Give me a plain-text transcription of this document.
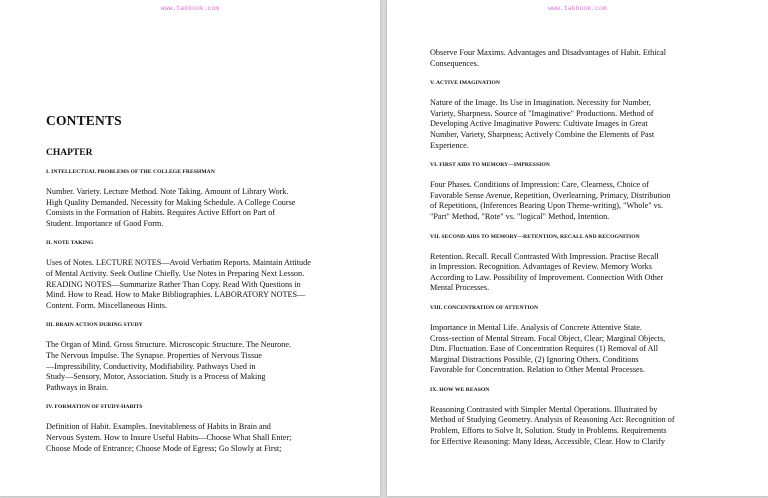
www.takbook.com
CONTENTS
CHAPTER
I. INTELLECTUAL PROBLEMS OF THE COLLEGE FRESHMAN
Number. Variety. Lecture Method. Note Taking. Amount of Library Work.
High Quality Demanded. Necessity for Making Schedule. A College Course
Consists in the Formation of Habits. Requires Active Effort on Part of
Student. Importance of Good Form.
II. NOTE TAKING
Uses of Notes. LECTURE NOTES—Avoid Verbatim Reports. Maintain Attitude
of Mental Activity. Seek Outline Chiefly. Use Notes in Preparing Next Lesson.
READING NOTES—Summarize Rather Than Copy. Read With Questions in
Mind. How to Read. How to Make Bibliographies. LABORATORY NOTES—
Content. Form. Miscellaneous Hints.
III. BRAIN ACTION DURING STUDY
The Organ of Mind. Gross Structure. Microscopic Structure. The Neurone.
The Nervous Impulse. The Synapse. Properties of Nervous Tissue
—Impressibility, Conductivity, Modifiability. Pathways Used in
Study—Sensory, Motor, Association. Study is a Process of Making
Pathways in Brain.
IV. FORMATION OF STUDY-HABITS
Definition of Habit. Examples. Inevitableness of Habits in Brain and
Nervous System. How to Insure Useful Habits—Choose What Shall Enter;
Choose Mode of Entrance; Choose Mode of Egress; Go Slowly at First;
www.takbook.com
Observe Four Maxims. Advantages and Disadvantages of Habit. Ethical
Consequences.
V. ACTIVE IMAGINATION
Nature of the Image. Its Use in Imagination. Necessity for Number,
Variety, Sharpness. Source of "Imaginative" Productions. Method of
Developing Active Imaginative Powers: Cultivate Images in Great
Number, Variety, Sharpness; Actively Combine the Elements of Past
Experience.
VI. FIRST AIDS TO MEMORY—IMPRESSION
Four Phases. Conditions of Impression: Care, Clearness, Choice of
Favorable Sense Avenue, Repetition, Overlearning, Primacy, Distribution
of Repetitions, (Inferences Bearing Upon Theme-writing), "Whole" vs.
"Part" Method, "Rote" vs. "logical" Method, Intention.
VII. SECOND AIDS TO MEMORY—RETENTION, RECALL AND RECOGNITION
Retention. Recall. Recall Contrasted With Impression. Practise Recall
in Impression. Recognition. Advantages of Review. Memory Works
According to Law. Possibility of Improvement. Connection With Other
Mental Processes.
VIII. CONCENTRATION OF ATTENTION
Importance in Mental Life. Analysis of Concrete Attentive State.
Cross-section of Mental Stream. Focal Object, Clear; Marginal Objects,
Dim. Fluctuation. Ease of Concentration Requires (1) Removal of All
Marginal Distractions Possible, (2) Ignoring Others. Conditions
Favorable for Concentration. Relation to Other Mental Processes.
IX. HOW WE REASON
Reasoning Contrasted with Simpler Mental Operations. Illustrated by
Method of Studying Geometry. Analysis of Reasoning Act: Recognition of
Problem, Efforts to Solve It, Solution. Study in Problems. Requirements
for Effective Reasoning: Many Ideas, Accessible, Clear. How to Clarify
